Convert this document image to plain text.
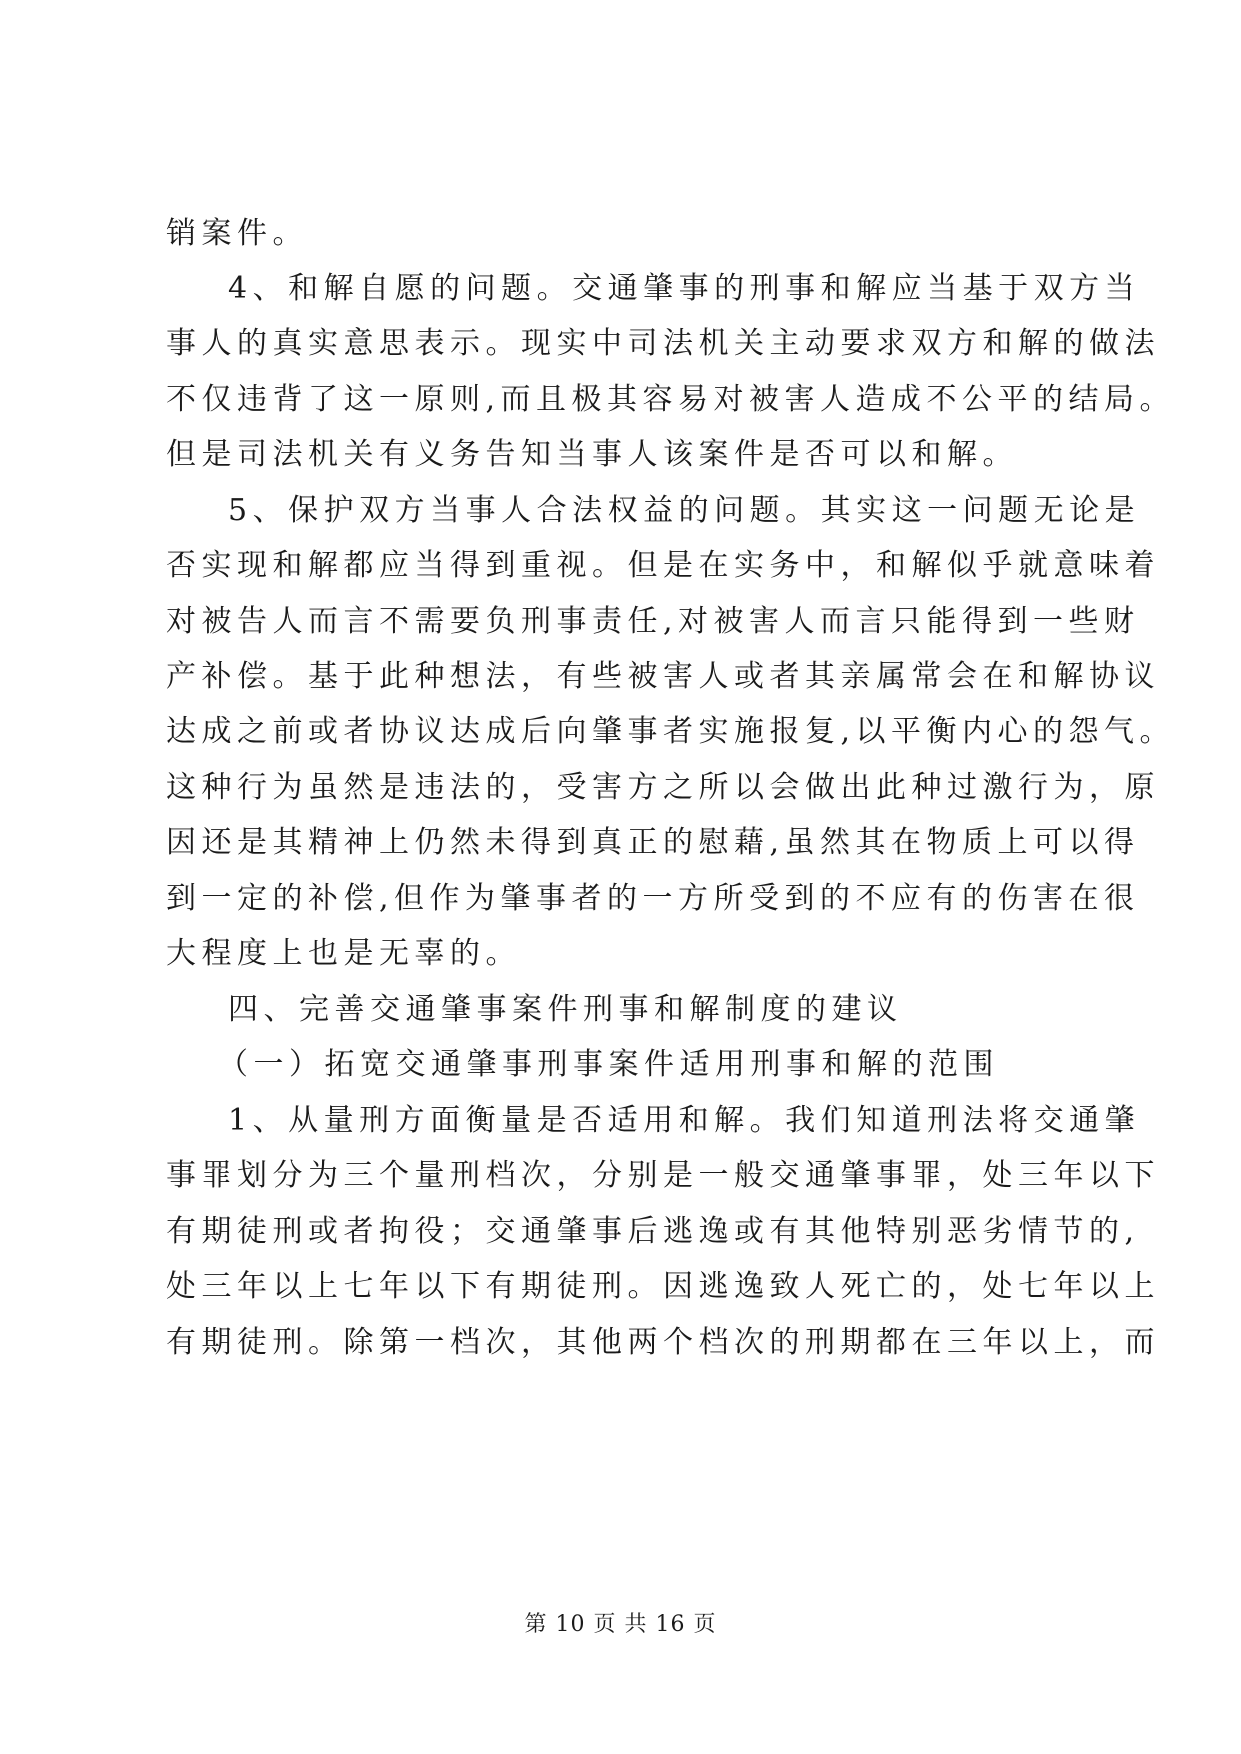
销案件。
4、和解自愿的问题。交通肇事的刑事和解应当基于双方当
事人的真实意思表示。现实中司法机关主动要求双方和解的做法
不仅违背了这一原则,而且极其容易对被害人造成不公平的结局。
但是司法机关有义务告知当事人该案件是否可以和解。
5、保护双方当事人合法权益的问题。其实这一问题无论是
否实现和解都应当得到重视。但是在实务中，和解似乎就意味着
对被告人而言不需要负刑事责任,对被害人而言只能得到一些财
产补偿。基于此种想法，有些被害人或者其亲属常会在和解协议
达成之前或者协议达成后向肇事者实施报复,以平衡内心的怨气。
这种行为虽然是违法的，受害方之所以会做出此种过激行为，原
因还是其精神上仍然未得到真正的慰藉,虽然其在物质上可以得
到一定的补偿,但作为肇事者的一方所受到的不应有的伤害在很
大程度上也是无辜的。
四、完善交通肇事案件刑事和解制度的建议
（一）拓宽交通肇事刑事案件适用刑事和解的范围
1、从量刑方面衡量是否适用和解。我们知道刑法将交通肇
事罪划分为三个量刑档次，分别是一般交通肇事罪，处三年以下
有期徒刑或者拘役；交通肇事后逃逸或有其他特别恶劣情节的,
处三年以上七年以下有期徒刑。因逃逸致人死亡的，处七年以上
有期徒刑。除第一档次，其他两个档次的刑期都在三年以上，而
第 10 页 共 16 页
